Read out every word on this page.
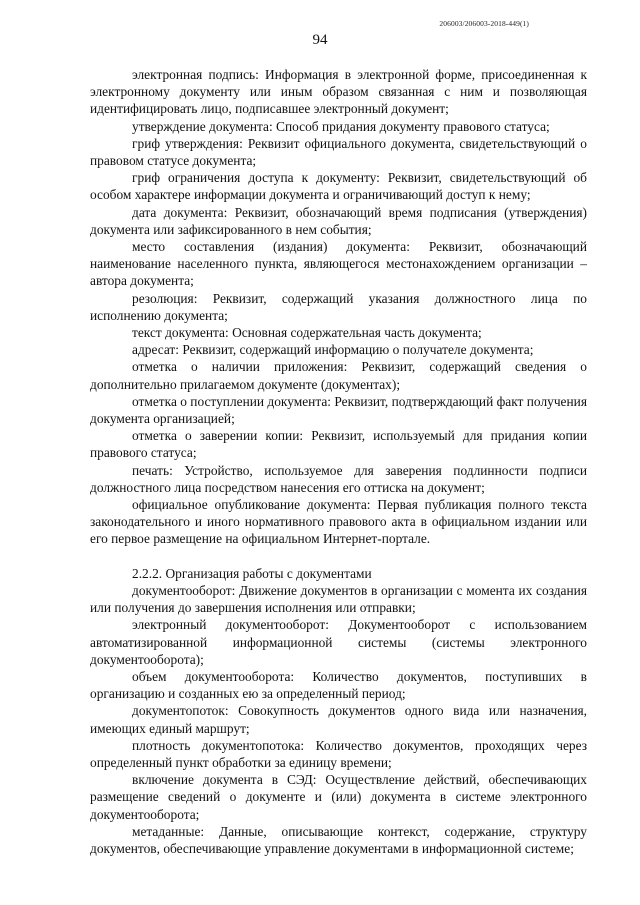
206003/206003-2018-449(1)
94

электронная подпись: Информация в электронной форме, присоединенная к электронному документу или иным образом связанная с ним и позволяющая идентифицировать лицо, подписавшее электронный документ;

утверждение документа: Способ придания документу правового статуса;

гриф утверждения: Реквизит официального документа, свидетельствующий о правовом статусе документа;

гриф ограничения доступа к документу: Реквизит, свидетельствующий об особом характере информации документа и ограничивающий доступ к нему;

дата документа: Реквизит, обозначающий время подписания (утверждения) документа или зафиксированного в нем события;

место составления (издания) документа: Реквизит, обозначающий наименование населенного пункта, являющегося местонахождением организации – автора документа;

резолюция: Реквизит, содержащий указания должностного лица по исполнению документа;

текст документа: Основная содержательная часть документа;

адресат: Реквизит, содержащий информацию о получателе документа;

отметка о наличии приложения: Реквизит, содержащий сведения о дополнительно прилагаемом документе (документах);

отметка о поступлении документа: Реквизит, подтверждающий факт получения документа организацией;

отметка о заверении копии: Реквизит, используемый для придания копии правового статуса;

печать: Устройство, используемое для заверения подлинности подписи должностного лица посредством нанесения его оттиска на документ;

официальное опубликование документа: Первая публикация полного текста законодательного и иного нормативного правового акта в официальном издании или его первое размещение на официальном Интернет-портале.

2.2.2. Организация работы с документами

документооборот: Движение документов в организации с момента их создания или получения до завершения исполнения или отправки;

электронный документооборот: Документооборот с использованием автоматизированной информационной системы (системы электронного документооборота);

объем документооборота: Количество документов, поступивших в организацию и созданных ею за определенный период;

документопоток: Совокупность документов одного вида или назначения, имеющих единый маршрут;

плотность документопотока: Количество документов, проходящих через определенный пункт обработки за единицу времени;

включение документа в СЭД: Осуществление действий, обеспечивающих размещение сведений о документе и (или) документа в системе электронного документооборота;

метаданные: Данные, описывающие контекст, содержание, структуру документов, обеспечивающие управление документами в информационной системе;
